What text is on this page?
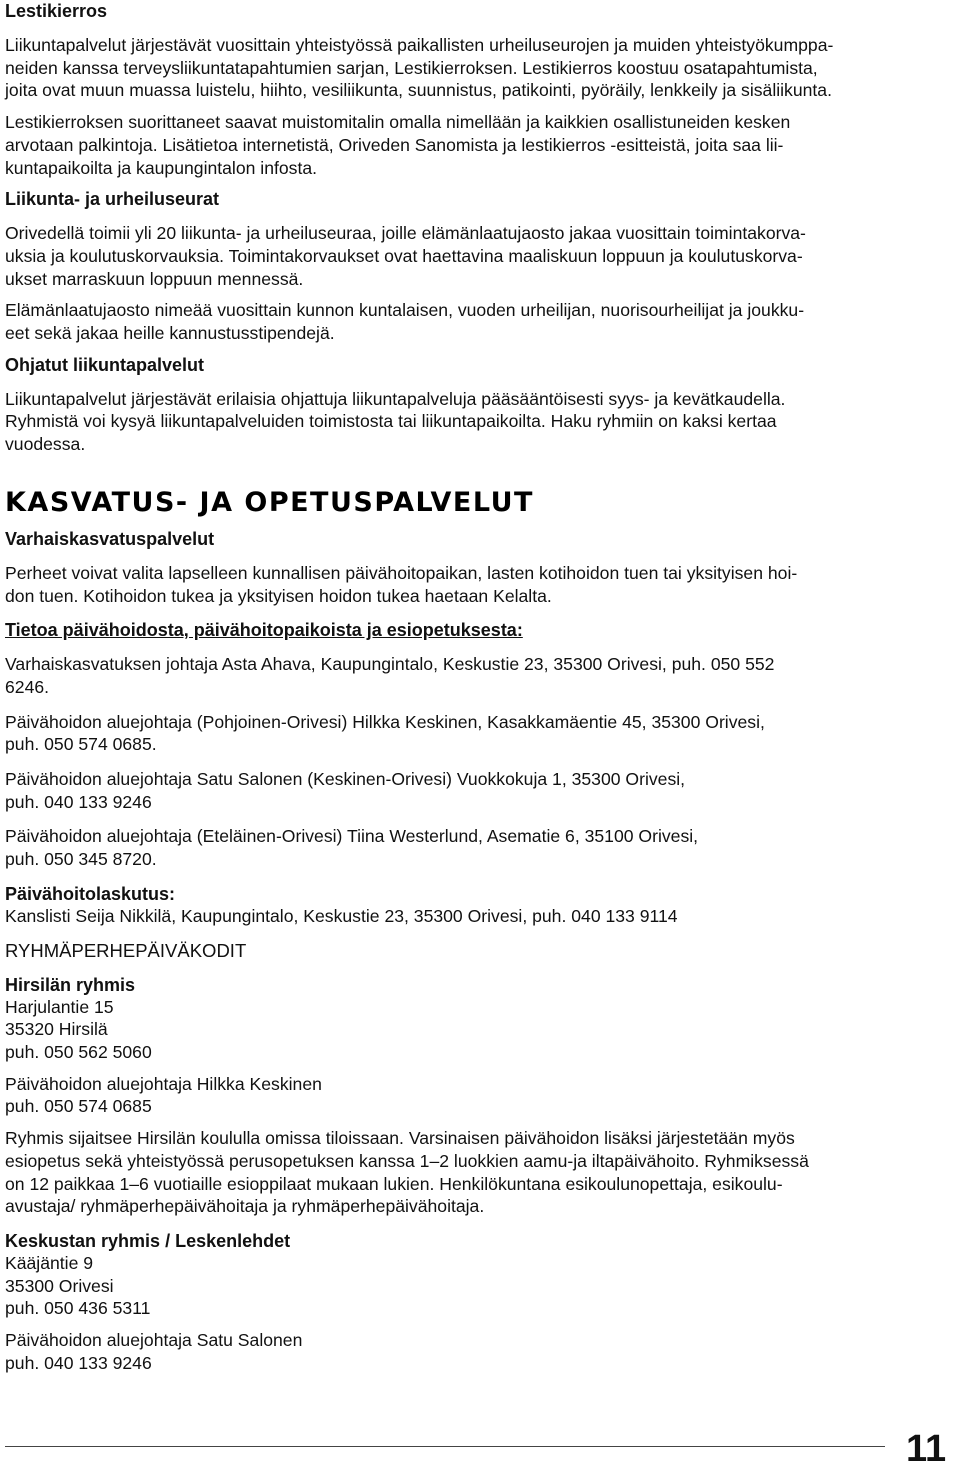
Lestikierros

Liikuntapalvelut järjestävät vuosittain yhteistyössä paikallisten urheiluseurojen ja muiden yhteistyökumppa-

neiden kanssa terveysliikuntatapahtumien sarjan, Lestikierroksen. Lestikierros koostuu osatapahtumista,

joita ovat muun muassa luistelu, hiihto, vesiliikunta, suunnistus, patikointi, pyöräily, lenkkeily ja sisäliikunta.

Lestikierroksen suorittaneet saavat muistomitalin omalla nimellään ja kaikkien osallistuneiden kesken

arvotaan palkintoja. Lisätietoa internetistä, Oriveden Sanomista ja lestikierros -esitteistä, joita saa lii-

kuntapaikoilta ja kaupungintalon infosta.

Liikunta- ja urheiluseurat

Orivedellä toimii yli 20 liikunta- ja urheiluseuraa, joille elämänlaatujaosto jakaa vuosittain toimintakorva-

uksia ja koulutuskorvauksia. Toimintakorvaukset ovat haettavina maaliskuun loppuun ja koulutuskorva-

ukset marraskuun loppuun mennessä.

Elämänlaatujaosto nimeää vuosittain kunnon kuntalaisen, vuoden urheilijan, nuorisourheilijat ja joukku-

eet sekä jakaa heille kannustusstipendejä.

Ohjatut liikuntapalvelut

Liikuntapalvelut järjestävät erilaisia ohjattuja liikuntapalveluja pääsääntöisesti syys- ja kevätkaudella.

Ryhmistä voi kysyä liikuntapalveluiden toimistosta tai liikuntapaikoilta. Haku ryhmiin on kaksi kertaa

vuodessa.

KASVATUS- JA OPETUSPALVELUT

Varhaiskasvatuspalvelut

Perheet voivat valita lapselleen kunnallisen päivähoitopaikan, lasten kotihoidon tuen tai yksityisen hoi-

don tuen. Kotihoidon tukea ja yksityisen hoidon tukea haetaan Kelalta.

Tietoa päivähoidosta, päivähoitopaikoista ja esiopetuksesta:

Varhaiskasvatuksen johtaja Asta Ahava, Kaupungintalo, Keskustie 23, 35300 Orivesi, puh. 050 552

6246.

Päivähoidon aluejohtaja (Pohjoinen-Orivesi) Hilkka Keskinen, Kasakkamäentie 45, 35300 Orivesi,

puh. 050 574 0685.

Päivähoidon aluejohtaja Satu Salonen (Keskinen-Orivesi) Vuokkokuja 1, 35300 Orivesi,

puh. 040 133 9246

Päivähoidon aluejohtaja (Eteläinen-Orivesi) Tiina Westerlund, Asematie 6, 35100 Orivesi,

puh. 050 345 8720.

Päivähoitolaskutus:

Kanslisti Seija Nikkilä, Kaupungintalo, Keskustie 23, 35300 Orivesi, puh. 040 133 9114

RYHMÄPERHEPÄIVÄKODIT

Hirsilän ryhmis

Harjulantie 15

35320 Hirsilä

puh. 050 562 5060

Päivähoidon aluejohtaja Hilkka Keskinen

puh. 050 574 0685

Ryhmis sijaitsee Hirsilän koululla omissa tiloissaan. Varsinaisen päivähoidon lisäksi järjestetään myös

esiopetus sekä yhteistyössä perusopetuksen kanssa 1–2 luokkien aamu-ja iltapäivähoito. Ryhmiksessä

on 12 paikkaa 1–6 vuotiaille esioppilaat mukaan lukien. Henkilökuntana esikoulunopettaja, esikoulu-

avustaja/ ryhmäperhepäivähoitaja ja ryhmäperhepäivähoitaja.

Keskustan ryhmis / Leskenlehdet

Kääjäntie 9

35300 Orivesi

puh. 050 436 5311

Päivähoidon aluejohtaja Satu Salonen

puh. 040 133 9246

11
